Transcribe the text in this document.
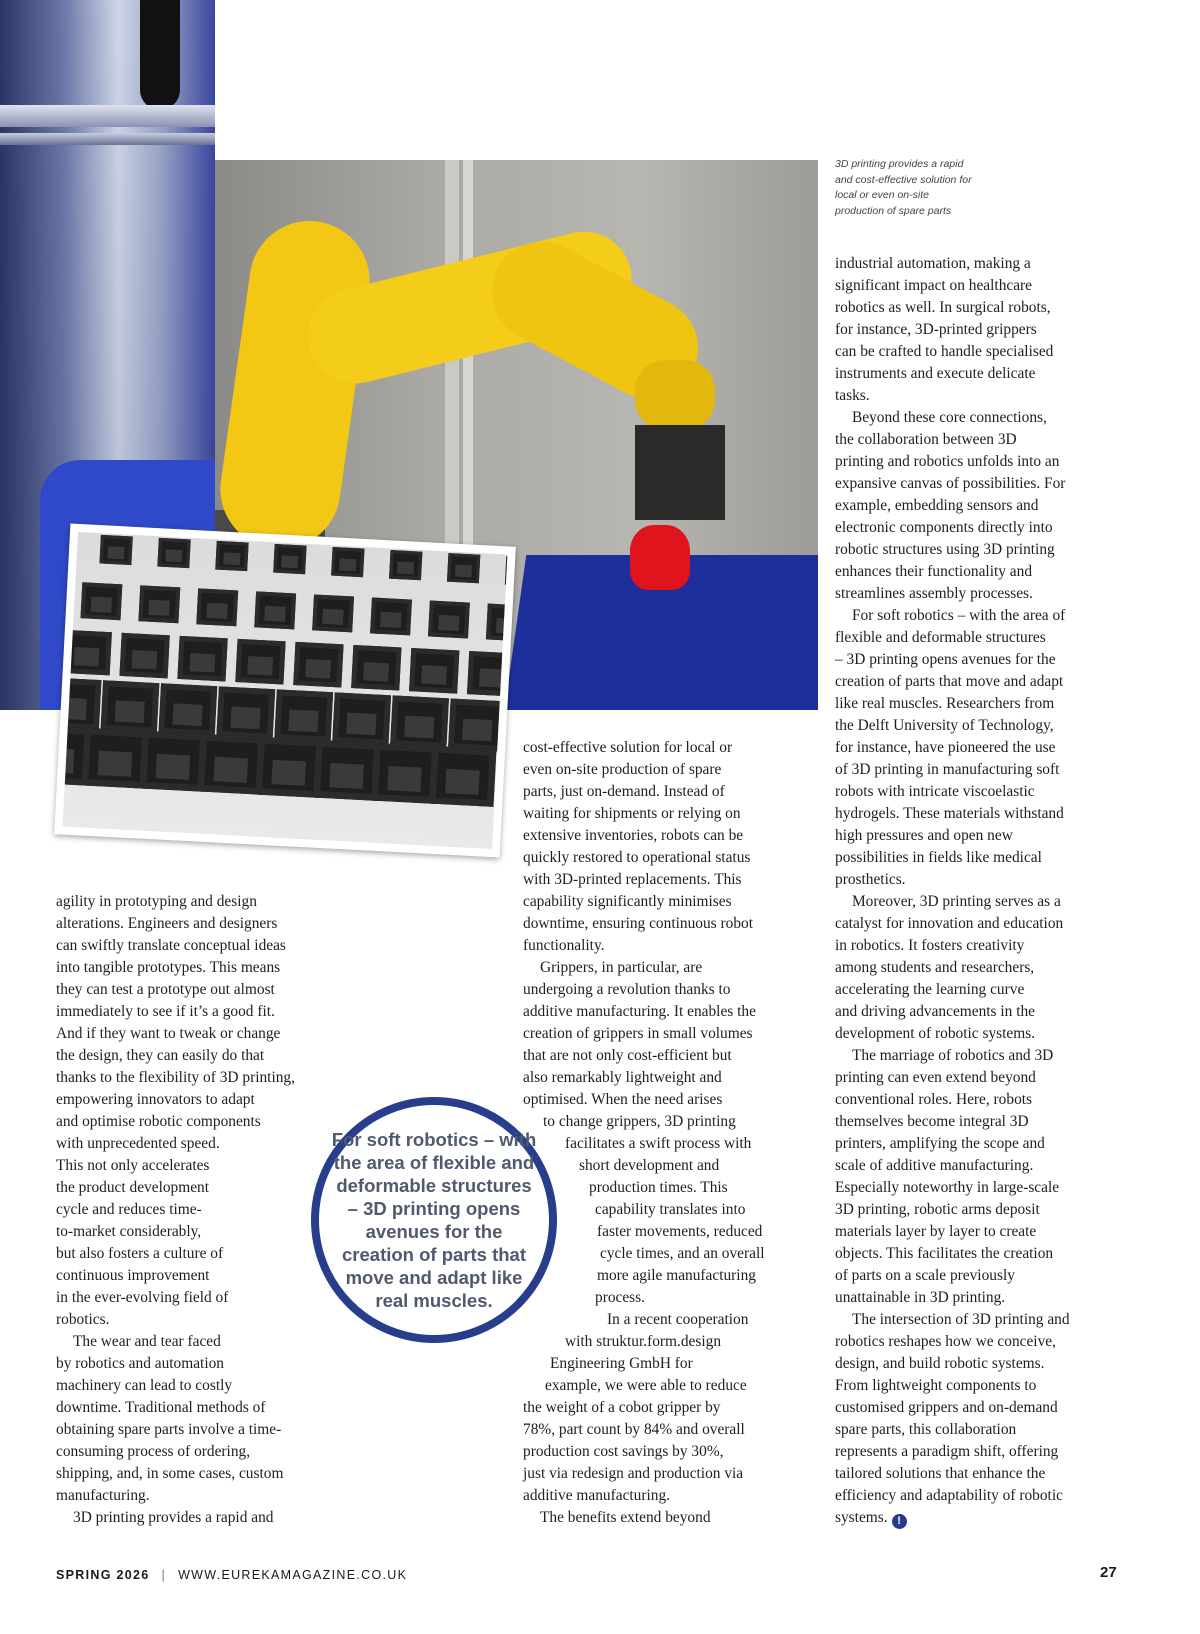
3D printing provides a rapid and cost-effective solution for local or even on-site production of spare parts
agility in prototyping and design
alterations. Engineers and designers
can swiftly translate conceptual ideas
into tangible prototypes. This means
they can test a prototype out almost
immediately to see if it’s a good fit.
And if they want to tweak or change
the design, they can easily do that
thanks to the flexibility of 3D printing,
empowering innovators to adapt
and optimise robotic components
with unprecedented speed.
This not only accelerates
the product development
cycle and reduces time-
to-market considerably,
but also fosters a culture of
continuous improvement
in the ever-evolving field of
robotics.
The wear and tear faced
by robotics and automation
machinery can lead to costly
downtime. Traditional methods of
obtaining spare parts involve a time-
consuming process of ordering,
shipping, and, in some cases, custom
manufacturing.
3D printing provides a rapid and
cost-effective solution for local or
even on-site production of spare
parts, just on-demand. Instead of
waiting for shipments or relying on
extensive inventories, robots can be
quickly restored to operational status
with 3D-printed replacements. This
capability significantly minimises
downtime, ensuring continuous robot
functionality.
Grippers, in particular, are
undergoing a revolution thanks to
additive manufacturing. It enables the
creation of grippers in small volumes
that are not only cost-efficient but
also remarkably lightweight and
optimised. When the need arises
to change grippers, 3D printing
facilitates a swift process with
short development and
production times. This
capability translates into
faster movements, reduced
cycle times, and an overall
more agile manufacturing
process.
In a recent cooperation
with struktur.form.design
Engineering GmbH for
example, we were able to reduce
the weight of a cobot gripper by
78%, part count by 84% and overall
production cost savings by 30%,
just via redesign and production via
additive manufacturing.
The benefits extend beyond
industrial automation, making a
significant impact on healthcare
robotics as well. In surgical robots,
for instance, 3D-printed grippers
can be crafted to handle specialised
instruments and execute delicate
tasks.
Beyond these core connections,
the collaboration between 3D
printing and robotics unfolds into an
expansive canvas of possibilities. For
example, embedding sensors and
electronic components directly into
robotic structures using 3D printing
enhances their functionality and
streamlines assembly processes.
For soft robotics – with the area of
flexible and deformable structures
– 3D printing opens avenues for the
creation of parts that move and adapt
like real muscles. Researchers from
the Delft University of Technology,
for instance, have pioneered the use
of 3D printing in manufacturing soft
robots with intricate viscoelastic
hydrogels. These materials withstand
high pressures and open new
possibilities in fields like medical
prosthetics.
Moreover, 3D printing serves as a
catalyst for innovation and education
in robotics. It fosters creativity
among students and researchers,
accelerating the learning curve
and driving advancements in the
development of robotic systems.
The marriage of robotics and 3D
printing can even extend beyond
conventional roles. Here, robots
themselves become integral 3D
printers, amplifying the scope and
scale of additive manufacturing.
Especially noteworthy in large-scale
3D printing, robotic arms deposit
materials layer by layer to create
objects. This facilitates the creation
of parts on a scale previously
unattainable in 3D printing.
The intersection of 3D printing and
robotics reshapes how we conceive,
design, and build robotic systems.
From lightweight components to
customised grippers and on-demand
spare parts, this collaboration
represents a paradigm shift, offering
tailored solutions that enhance the
efficiency and adaptability of robotic
systems. !
For soft robotics – with the area of flexible and deformable structures – 3D printing opens avenues for the creation of parts that move and adapt like real muscles.
SPRING 2026 | WWW.EUREKAMAGAZINE.CO.UK	27
